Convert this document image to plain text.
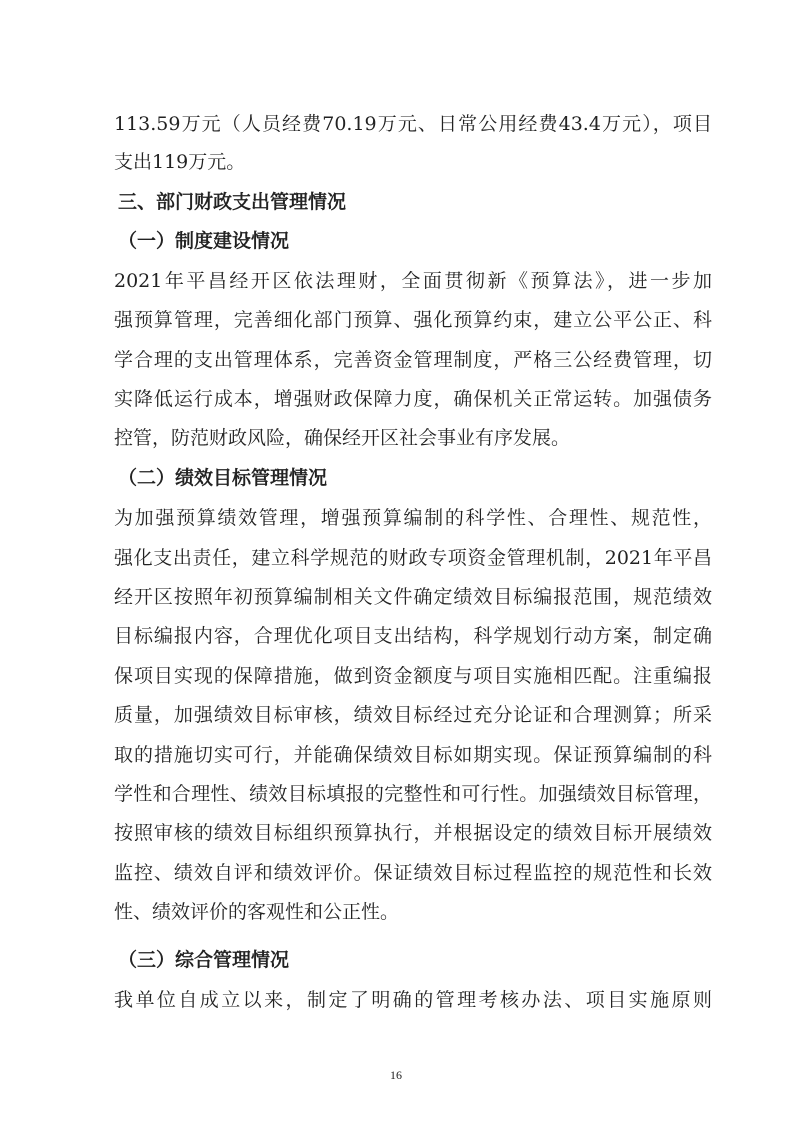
113.59万元（人员经费70.19万元、日常公用经费43.4万元），项目
支出119万元。
三、部门财政支出管理情况
（一）制度建设情况
2021年平昌经开区依法理财，全面贯彻新《预算法》，进一步加
强预算管理，完善细化部门预算、强化预算约束，建立公平公正、科
学合理的支出管理体系，完善资金管理制度，严格三公经费管理，切
实降低运行成本，增强财政保障力度，确保机关正常运转。加强债务
控管，防范财政风险，确保经开区社会事业有序发展。
（二）绩效目标管理情况
为加强预算绩效管理，增强预算编制的科学性、合理性、规范性，
强化支出责任，建立科学规范的财政专项资金管理机制，2021年平昌
经开区按照年初预算编制相关文件确定绩效目标编报范围，规范绩效
目标编报内容，合理优化项目支出结构，科学规划行动方案，制定确
保项目实现的保障措施，做到资金额度与项目实施相匹配。注重编报
质量，加强绩效目标审核，绩效目标经过充分论证和合理测算；所采
取的措施切实可行，并能确保绩效目标如期实现。保证预算编制的科
学性和合理性、绩效目标填报的完整性和可行性。加强绩效目标管理，
按照审核的绩效目标组织预算执行，并根据设定的绩效目标开展绩效
监控、绩效自评和绩效评价。保证绩效目标过程监控的规范性和长效
性、绩效评价的客观性和公正性。
（三）综合管理情况
我单位自成立以来，制定了明确的管理考核办法、项目实施原则
16
